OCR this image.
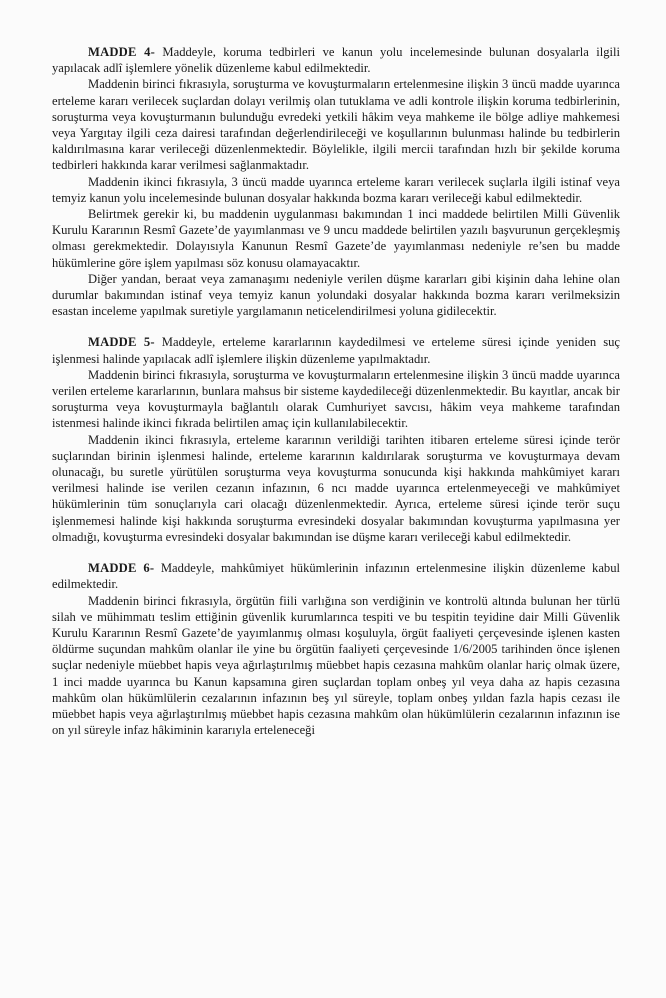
MADDE 4- Maddeyle, koruma tedbirleri ve kanun yolu incelemesinde bulunan dosyalarla ilgili yapılacak adlî işlemlere yönelik düzenleme kabul edilmektedir.

Maddenin birinci fıkrasıyla, soruşturma ve kovuşturmaların ertelenmesine ilişkin 3 üncü madde uyarınca erteleme kararı verilecek suçlardan dolayı verilmiş olan tutuklama ve adli kontrole ilişkin koruma tedbirlerinin, soruşturma veya kovuşturmanın bulunduğu evredeki yetkili hâkim veya mahkeme ile bölge adliye mahkemesi veya Yargıtay ilgili ceza dairesi tarafından değerlendirileceği ve koşullarının bulunması halinde bu tedbirlerin kaldırılmasına karar verileceği düzenlenmektedir. Böylelikle, ilgili mercii tarafından hızlı bir şekilde koruma tedbirleri hakkında karar verilmesi sağlanmaktadır.

Maddenin ikinci fıkrasıyla, 3 üncü madde uyarınca erteleme kararı verilecek suçlarla ilgili istinaf veya temyiz kanun yolu incelemesinde bulunan dosyalar hakkında bozma kararı verileceği kabul edilmektedir.

Belirtmek gerekir ki, bu maddenin uygulanması bakımından 1 inci maddede belirtilen Milli Güvenlik Kurulu Kararının Resmî Gazete’de yayımlanması ve 9 uncu maddede belirtilen yazılı başvurunun gerçekleşmiş olması gerekmektedir. Dolayısıyla Kanunun Resmî Gazete’de yayımlanması nedeniyle re’sen bu madde hükümlerine göre işlem yapılması söz konusu olamayacaktır.

Diğer yandan, beraat veya zamanaşımı nedeniyle verilen düşme kararları gibi kişinin daha lehine olan durumlar bakımından istinaf veya temyiz kanun yolundaki dosyalar hakkında bozma kararı verilmeksizin esastan inceleme yapılmak suretiyle yargılamanın neticelendirilmesi yoluna gidilecektir.

MADDE 5- Maddeyle, erteleme kararlarının kaydedilmesi ve erteleme süresi içinde yeniden suç işlenmesi halinde yapılacak adlî işlemlere ilişkin düzenleme yapılmaktadır.

Maddenin birinci fıkrasıyla, soruşturma ve kovuşturmaların ertelenmesine ilişkin 3 üncü madde uyarınca verilen erteleme kararlarının, bunlara mahsus bir sisteme kaydedileceği düzenlenmektedir. Bu kayıtlar, ancak bir soruşturma veya kovuşturmayla bağlantılı olarak Cumhuriyet savcısı, hâkim veya mahkeme tarafından istenmesi halinde ikinci fıkrada belirtilen amaç için kullanılabilecektir.

Maddenin ikinci fıkrasıyla, erteleme kararının verildiği tarihten itibaren erteleme süresi içinde terör suçlarından birinin işlenmesi halinde, erteleme kararının kaldırılarak soruşturma ve kovuşturmaya devam olunacağı, bu suretle yürütülen soruşturma veya kovuşturma sonucunda kişi hakkında mahkûmiyet kararı verilmesi halinde ise verilen cezanın infazının, 6 ncı madde uyarınca ertelenmeyeceği ve mahkûmiyet hükümlerinin tüm sonuçlarıyla cari olacağı düzenlenmektedir. Ayrıca, erteleme süresi içinde terör suçu işlenmemesi halinde kişi hakkında soruşturma evresindeki dosyalar bakımından kovuşturma yapılmasına yer olmadığı, kovuşturma evresindeki dosyalar bakımından ise düşme kararı verileceği kabul edilmektedir.

MADDE 6- Maddeyle, mahkûmiyet hükümlerinin infazının ertelenmesine ilişkin düzenleme kabul edilmektedir.

Maddenin birinci fıkrasıyla, örgütün fiili varlığına son verdiğinin ve kontrolü altında bulunan her türlü silah ve mühimmatı teslim ettiğinin güvenlik kurumlarınca tespiti ve bu tespitin teyidine dair Milli Güvenlik Kurulu Kararının Resmî Gazete’de yayımlanmış olması koşuluyla, örgüt faaliyeti çerçevesinde işlenen kasten öldürme suçundan mahkûm olanlar ile yine bu örgütün faaliyeti çerçevesinde 1/6/2005 tarihinden önce işlenen suçlar nedeniyle müebbet hapis veya ağırlaştırılmış müebbet hapis cezasına mahkûm olanlar hariç olmak üzere, 1 inci madde uyarınca bu Kanun kapsamına giren suçlardan toplam onbeş yıl veya daha az hapis cezasına mahkûm olan hükümlülerin cezalarının infazının beş yıl süreyle, toplam onbeş yıldan fazla hapis cezası ile müebbet hapis veya ağırlaştırılmış müebbet hapis cezasına mahkûm olan hükümlülerin cezalarının infazının ise on yıl süreyle infaz hâkiminin kararıyla erteleneceği
